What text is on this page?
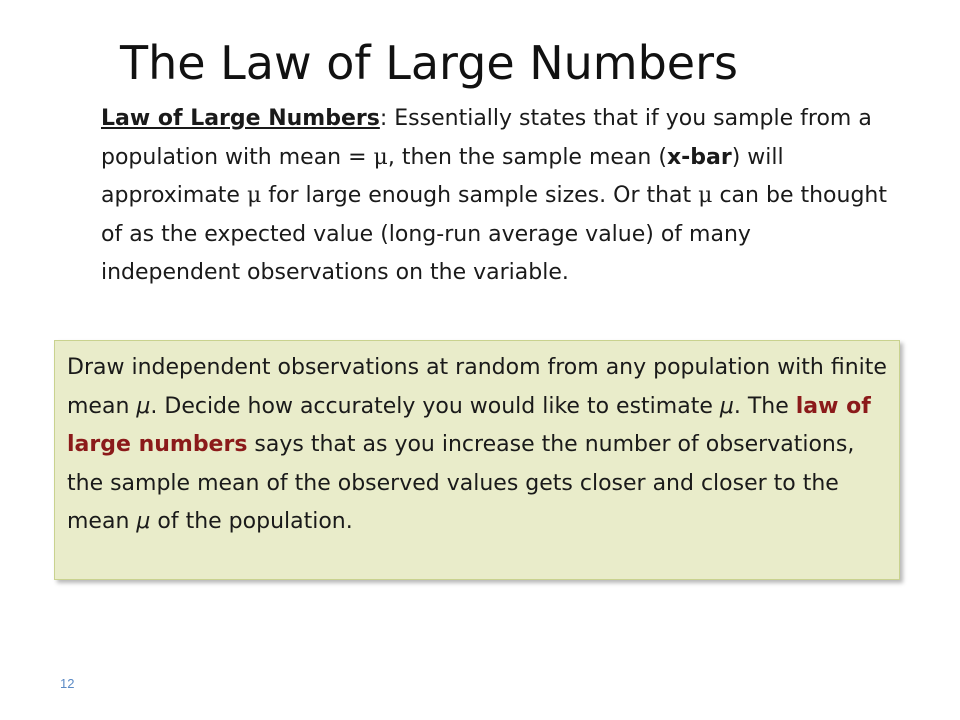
The Law of Large Numbers

Law of Large Numbers: Essentially states that if you sample from a population with mean = μ, then the sample mean (x-bar) will approximate μ for large enough sample sizes. Or that μ can be thought of as the expected value (long-run average value) of many independent observations on the variable.

Draw independent observations at random from any population with finite mean μ. Decide how accurately you would like to estimate μ. The law of large numbers says that as you increase the number of observations, the sample mean of the observed values gets closer and closer to the mean μ of the population.

12
